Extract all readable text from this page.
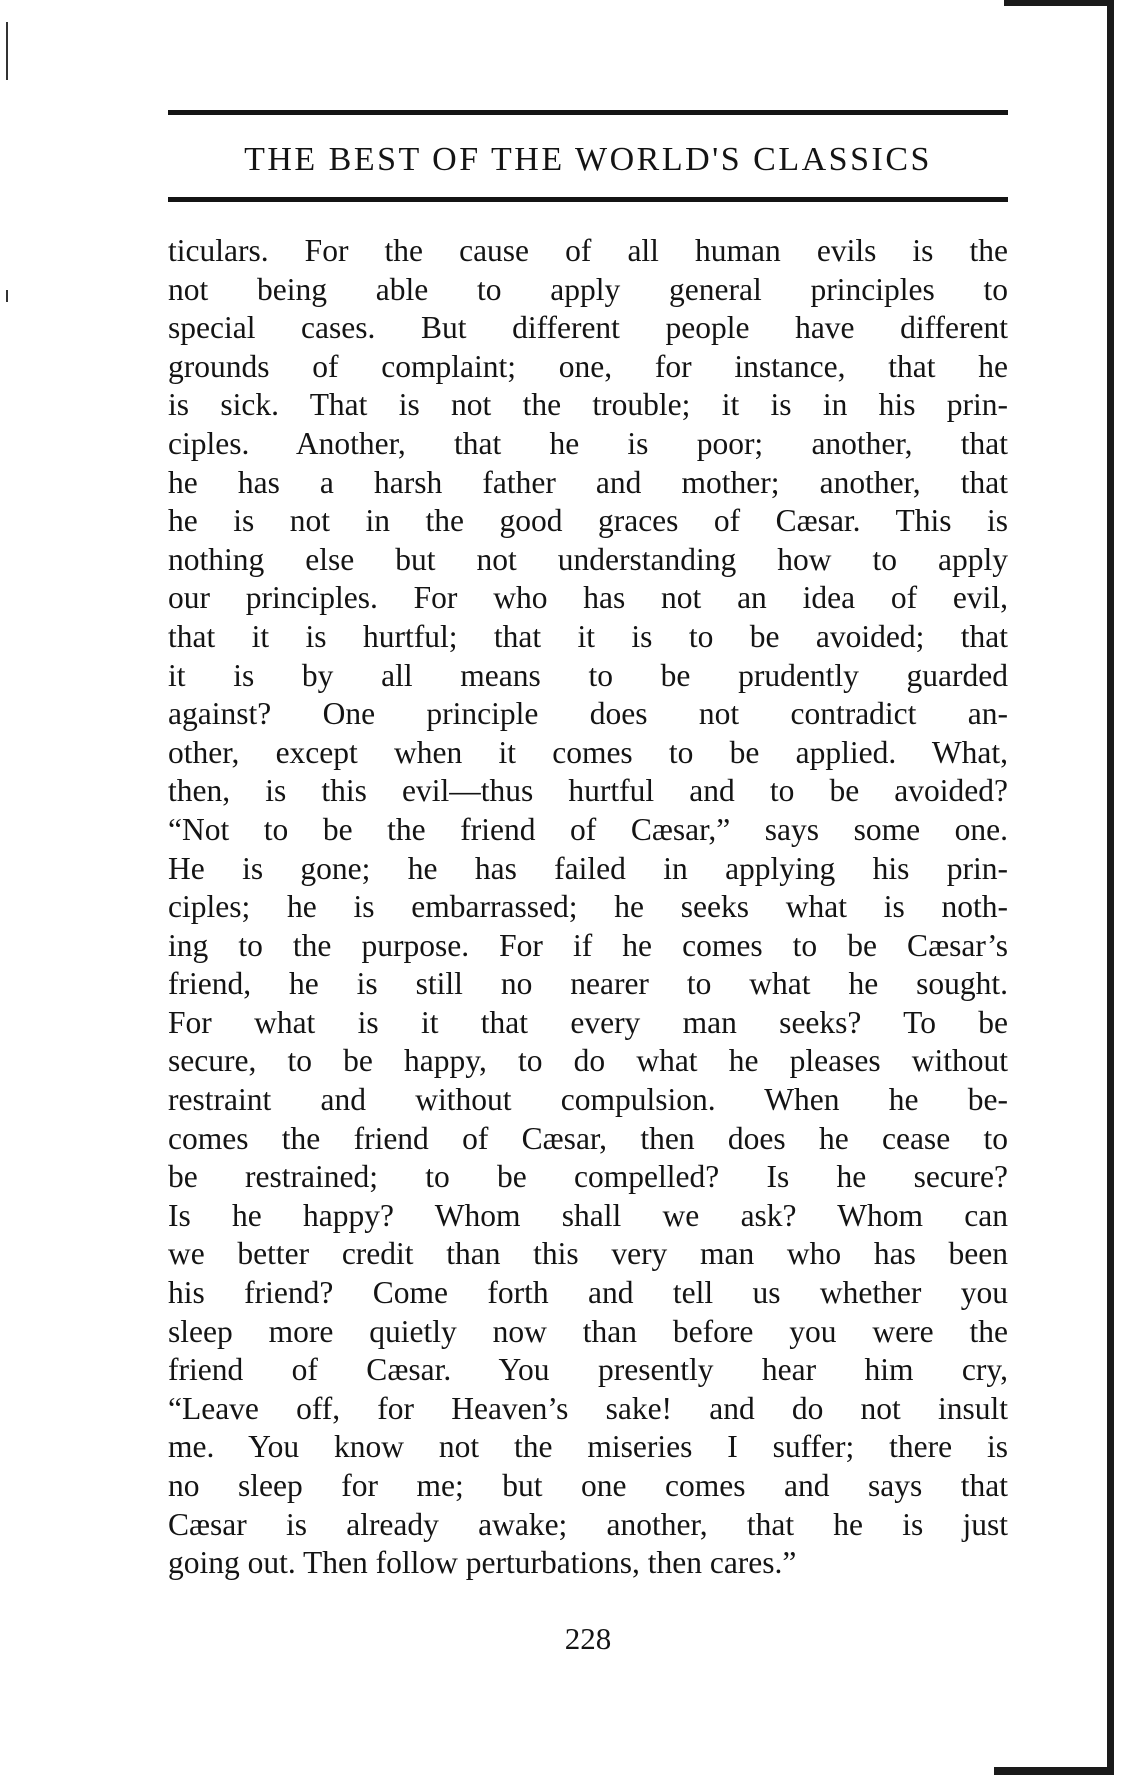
THE BEST OF THE WORLD'S CLASSICS
ticulars. For the cause of all human evils is the
not being able to apply general principles to
special cases. But different people have different
grounds of complaint; one, for instance, that he
is sick. That is not the trouble; it is in his prin-
ciples. Another, that he is poor; another, that
he has a harsh father and mother; another, that
he is not in the good graces of Cæsar. This is
nothing else but not understanding how to apply
our principles. For who has not an idea of evil,
that it is hurtful; that it is to be avoided; that
it is by all means to be prudently guarded
against? One principle does not contradict an-
other, except when it comes to be applied. What,
then, is this evil—thus hurtful and to be avoided?
“Not to be the friend of Cæsar,” says some one.
He is gone; he has failed in applying his prin-
ciples; he is embarrassed; he seeks what is noth-
ing to the purpose. For if he comes to be Cæsar’s
friend, he is still no nearer to what he sought.
For what is it that every man seeks? To be
secure, to be happy, to do what he pleases without
restraint and without compulsion. When he be-
comes the friend of Cæsar, then does he cease to
be restrained; to be compelled? Is he secure?
Is he happy? Whom shall we ask? Whom can
we better credit than this very man who has been
his friend? Come forth and tell us whether you
sleep more quietly now than before you were the
friend of Cæsar. You presently hear him cry,
“Leave off, for Heaven’s sake! and do not insult
me. You know not the miseries I suffer; there is
no sleep for me; but one comes and says that
Cæsar is already awake; another, that he is just
going out. Then follow perturbations, then cares.”
228
